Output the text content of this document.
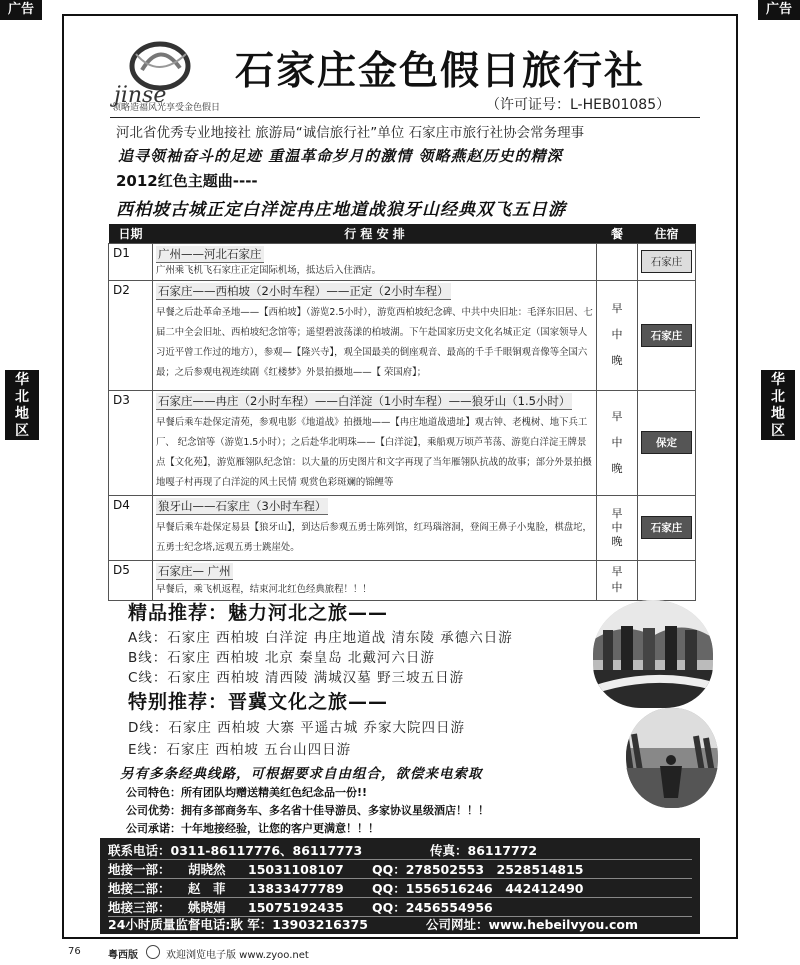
广告	广告
jinse
石家庄金色假日旅行社
领略造福风光享受金色假日	（许可证号：L-HEB01085）
河北省优秀专业地接社 旅游局“诚信旅行社”单位 石家庄市旅行社协会常务理事
追寻领袖奋斗的足迹 重温革命岁月的激情 领略燕赵历史的精深
2012红色主题曲----
西柏坡古城正定白洋淀冉庄地道战狼牙山经典双飞五日游
华北地区
华北地区
日期	行 程 安 排	餐	住宿
D1	广州——河北石家庄
广州乘飞机飞石家庄正定国际机场，抵达后入住酒店。		石家庄

D2	石家庄——西柏坡（2小时车程）——正定（2小时车程）
早餐之后赴革命圣地——【西柏坡】（游览2.5小时），游览西柏坡纪念碑、中共中央旧址：毛泽东旧居、七届二中全会旧址、西柏坡纪念馆等；遥望碧波荡漾的柏坡湖。下午赴国家历史文化名城正定（国家领导人习近平曾工作过的地方），参观—【隆兴寺】，观全国最美的倒座观音、最高的千手千眼铜观音像等全国六最；之后参观电视连续剧《红楼梦》外景拍摄地——【 荣国府】；	早中晚	石家庄

D3	石家庄——冉庄（2小时车程）——白洋淀（1小时车程）——狼牙山（1.5小时）
早餐后乘车赴保定清苑，参观电影《地道战》拍摄地——【冉庄地道战遗址】观古钟、老槐树、地下兵工厂、 纪念馆等（游览1.5小时）；之后赴华北明珠——【白洋淀】，乘船观万顷芦苇荡、游览白洋淀王牌景点【文化苑】，游览雁翎队纪念馆：以大量的历史图片和文字再现了当年雁翎队抗战的故事；部分外景拍摄地嘎子村再现了白洋淀的风土民情 观赏色彩斑斓的锦鲤等	早中晚	保定

D4	狼牙山——石家庄（3小时车程）
早餐后乘车赴保定易县【狼牙山】，到达后参观五勇士陈列馆，红玛瑙溶洞，登阎王鼻子小鬼脸，棋盘坨，五勇士纪念塔,远观五勇士跳崖处。	早中晚	石家庄

D5	石家庄— 广州
早餐后，乘飞机返程，结束河北红色经典旅程！！！	早中	
精品推荐：魅力河北之旅——
A线：石家庄 西柏坡 白洋淀 冉庄地道战 清东陵 承德六日游
B线：石家庄 西柏坡 北京 秦皇岛 北戴河六日游
C线：石家庄 西柏坡 清西陵 满城汉墓 野三坡五日游
特别推荐：晋冀文化之旅——
D线：石家庄 西柏坡 大寨 平遥古城 乔家大院四日游
E线：石家庄 西柏坡 五台山四日游
另有多条经典线路，可根据要求自由组合，欲偿来电索取
公司特色：所有团队均赠送精美红色纪念品一份!!
公司优势：拥有多部商务车、多名省十佳导游员、多家协议星级酒店！！！
公司承诺：十年地接经验，让您的客户更满意！！！
联系电话：0311-86117776、86117773	传真：86117772
地接一部： 胡晓然 15031108107 QQ：278502553　2528514815
地接二部： 赵　菲 13833477789 QQ：1556516246　442412490
地接三部： 姚晓娟 15075192435 QQ：2456554956
24小时质量监督电话:耿 军：13903216375	公司网址：www.hebeilvyou.com
76	粤西版	欢迎浏览电子版 www.zyoo.net
